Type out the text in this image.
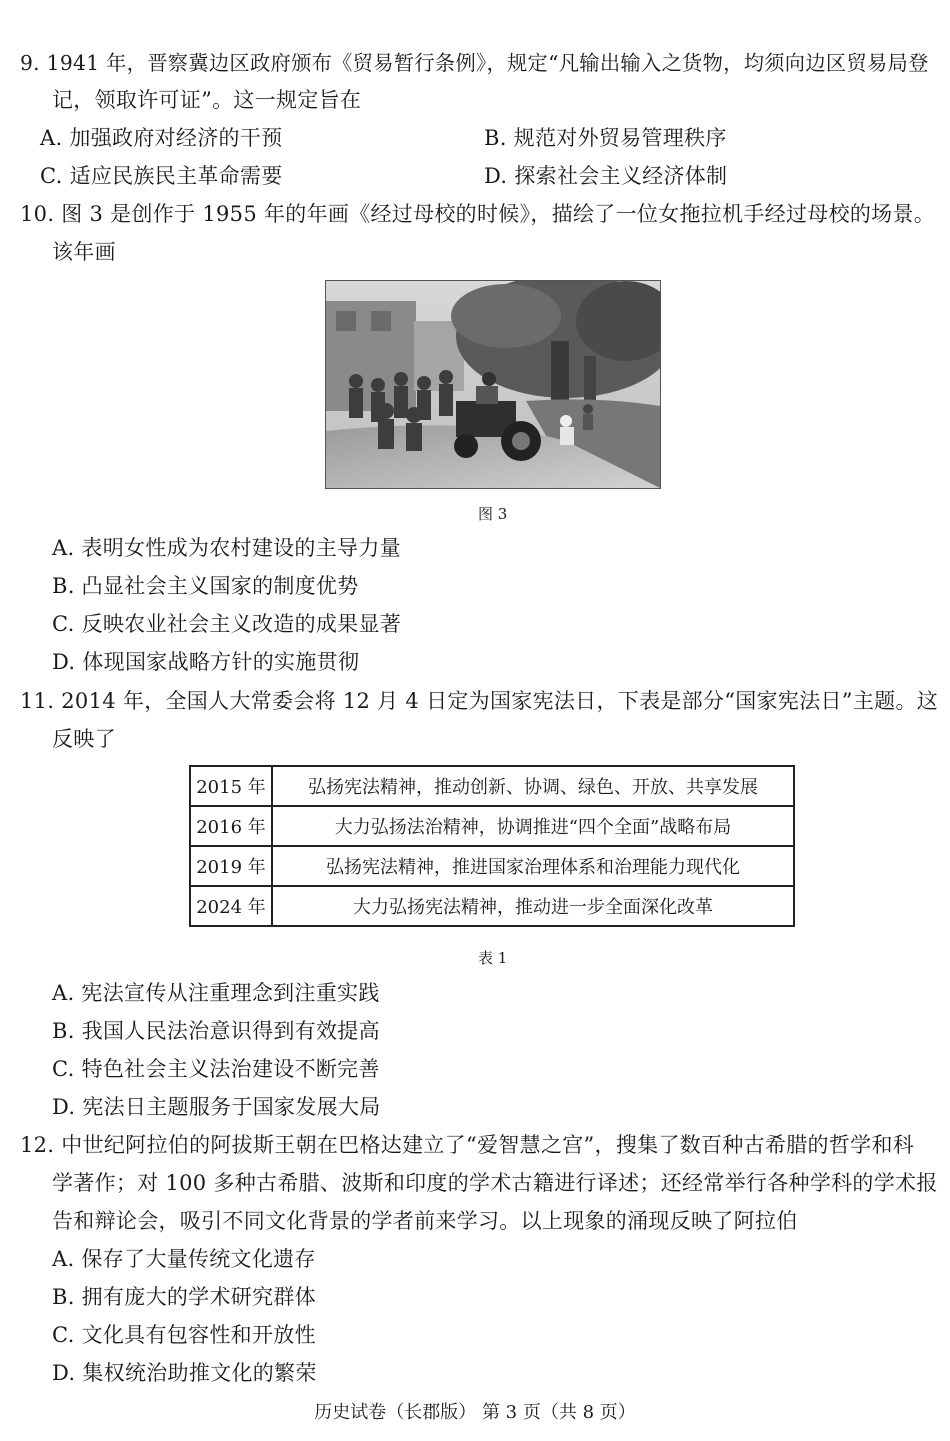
9. 1941 年，晋察冀边区政府颁布《贸易暂行条例》，规定“凡输出输入之货物，均须向边区贸易局登
记，领取许可证”。这一规定旨在
A. 加强政府对经济的干预	B. 规范对外贸易管理秩序
C. 适应民族民主革命需要	D. 探索社会主义经济体制
10. 图 3 是创作于 1955 年的年画《经过母校的时候》，描绘了一位女拖拉机手经过母校的场景。
该年画
图 3
A. 表明女性成为农村建设的主导力量
B. 凸显社会主义国家的制度优势
C. 反映农业社会主义改造的成果显著
D. 体现国家战略方针的实施贯彻
11. 2014 年，全国人大常委会将 12 月 4 日定为国家宪法日，下表是部分“国家宪法日”主题。这
反映了
2015 年	弘扬宪法精神，推动创新、协调、绿色、开放、共享发展
2016 年	大力弘扬法治精神，协调推进“四个全面”战略布局
2019 年	弘扬宪法精神，推进国家治理体系和治理能力现代化
2024 年	大力弘扬宪法精神，推动进一步全面深化改革
表 1
A. 宪法宣传从注重理念到注重实践
B. 我国人民法治意识得到有效提高
C. 特色社会主义法治建设不断完善
D. 宪法日主题服务于国家发展大局
12. 中世纪阿拉伯的阿拔斯王朝在巴格达建立了“爱智慧之宫”，搜集了数百种古希腊的哲学和科
学著作；对 100 多种古希腊、波斯和印度的学术古籍进行译述；还经常举行各种学科的学术报
告和辩论会，吸引不同文化背景的学者前来学习。以上现象的涌现反映了阿拉伯
A. 保存了大量传统文化遗存
B. 拥有庞大的学术研究群体
C. 文化具有包容性和开放性
D. 集权统治助推文化的繁荣
历史试卷（长郡版） 第 3 页（共 8 页）
